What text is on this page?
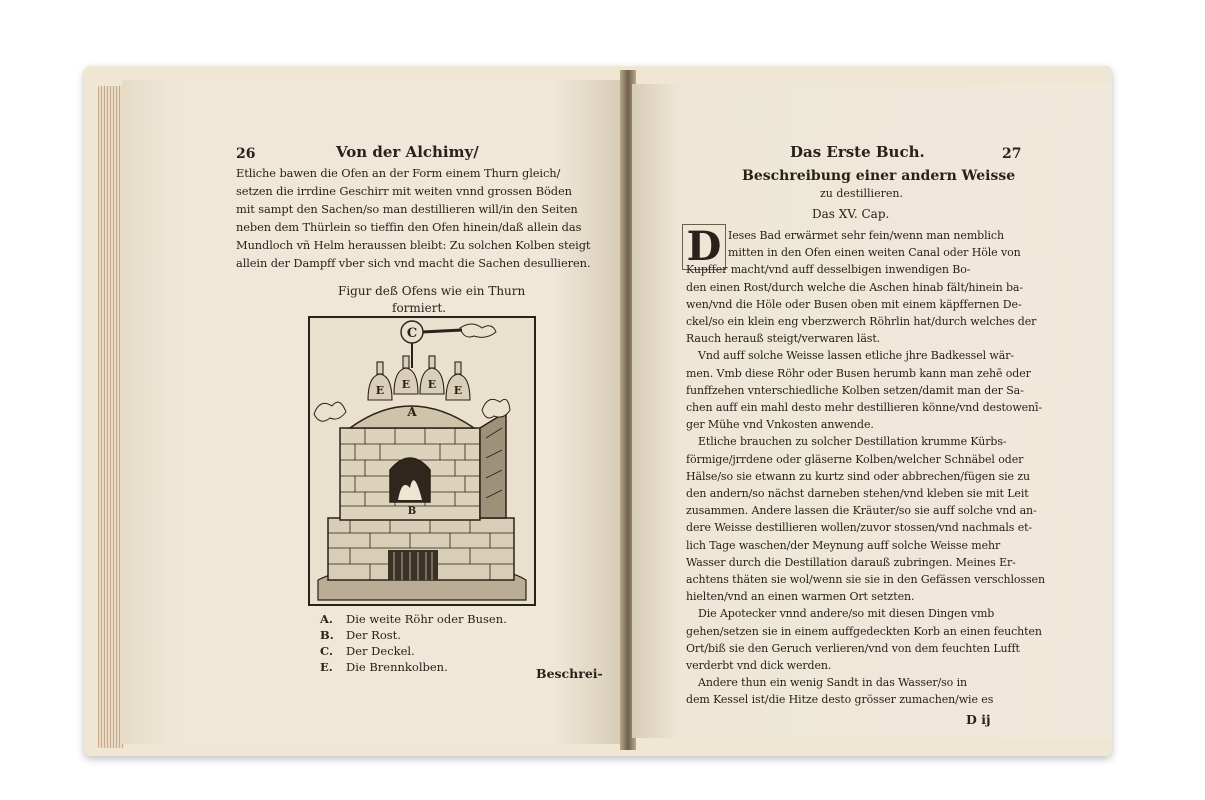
26	Von der Alchimy/
Etliche bawen die Ofen an der Form einem Thurn gleich/
setzen die irrdine Geschirr mit weiten vnnd grossen Böden
mit sampt den Sachen/so man destillieren will/in den Seiten
neben dem Thürlein so tieffin den Ofen hinein/daß allein das
Mundloch vñ Helm heraussen bleibt: Zu solchen Kolben steigt
allein der Dampff vber sich vnd macht die Sachen desullieren.
Figur deß Ofens wie ein Thurn
formiert.
C
E E E E
A
B
A. Die weite Röhr oder Busen.
B. Der Rost.
C. Der Deckel.
E. Die Brennkolben.	Beschrei-
Das Erste Buch.	27
Beschreibung einer andern Weisse
zu destillieren.
Das XV. Cap.
D Ieses Bad erwärmet sehr fein/wenn man nemblich
mitten in den Ofen einen weiten Canal oder Höle von
Kupffer macht/vnd auff desselbigen inwendigen Bo-
den einen Rost/durch welche die Aschen hinab fält/hinein ba-
wen/vnd die Höle oder Busen oben mit einem käpffernen De-
ckel/so ein klein eng vberzwerch Röhrlin hat/durch welches der
Rauch herauß steigt/verwaren läst.
Vnd auff solche Weisse lassen etliche jhre Badkessel wär-
men. Vmb diese Röhr oder Busen herumb kann man zehē oder
funffzehen vnterschiedliche Kolben setzen/damit man der Sa-
chen auff ein mahl desto mehr destillieren könne/vnd destowenī-
ger Mühe vnd Vnkosten anwende.
Etliche brauchen zu solcher Destillation krumme Kürbs-
förmige/jrrdene oder gläserne Kolben/welcher Schnäbel oder
Hälse/so sie etwann zu kurtz sind oder abbrechen/fügen sie zu
den andern/so nächst darneben stehen/vnd kleben sie mit Leit
zusammen. Andere lassen die Kräuter/so sie auff solche vnd an-
dere Weisse destillieren wollen/zuvor stossen/vnd nachmals et-
lich Tage waschen/der Meynung auff solche Weisse mehr
Wasser durch die Destillation darauß zubringen. Meines Er-
achtens thäten sie wol/wenn sie sie in den Gefässen verschlossen
hielten/vnd an einen warmen Ort setzten.
Die Apotecker vnnd andere/so mit diesen Dingen vmb
gehen/setzen sie in einem auffgedeckten Korb an einen feuchten
Ort/biß sie den Geruch verlieren/vnd von dem feuchten Lufft
verderbt vnd dick werden.
Andere thun ein wenig Sandt in das Wasser/so in
dem Kessel ist/die Hitze desto grösser zumachen/wie es
D ij
